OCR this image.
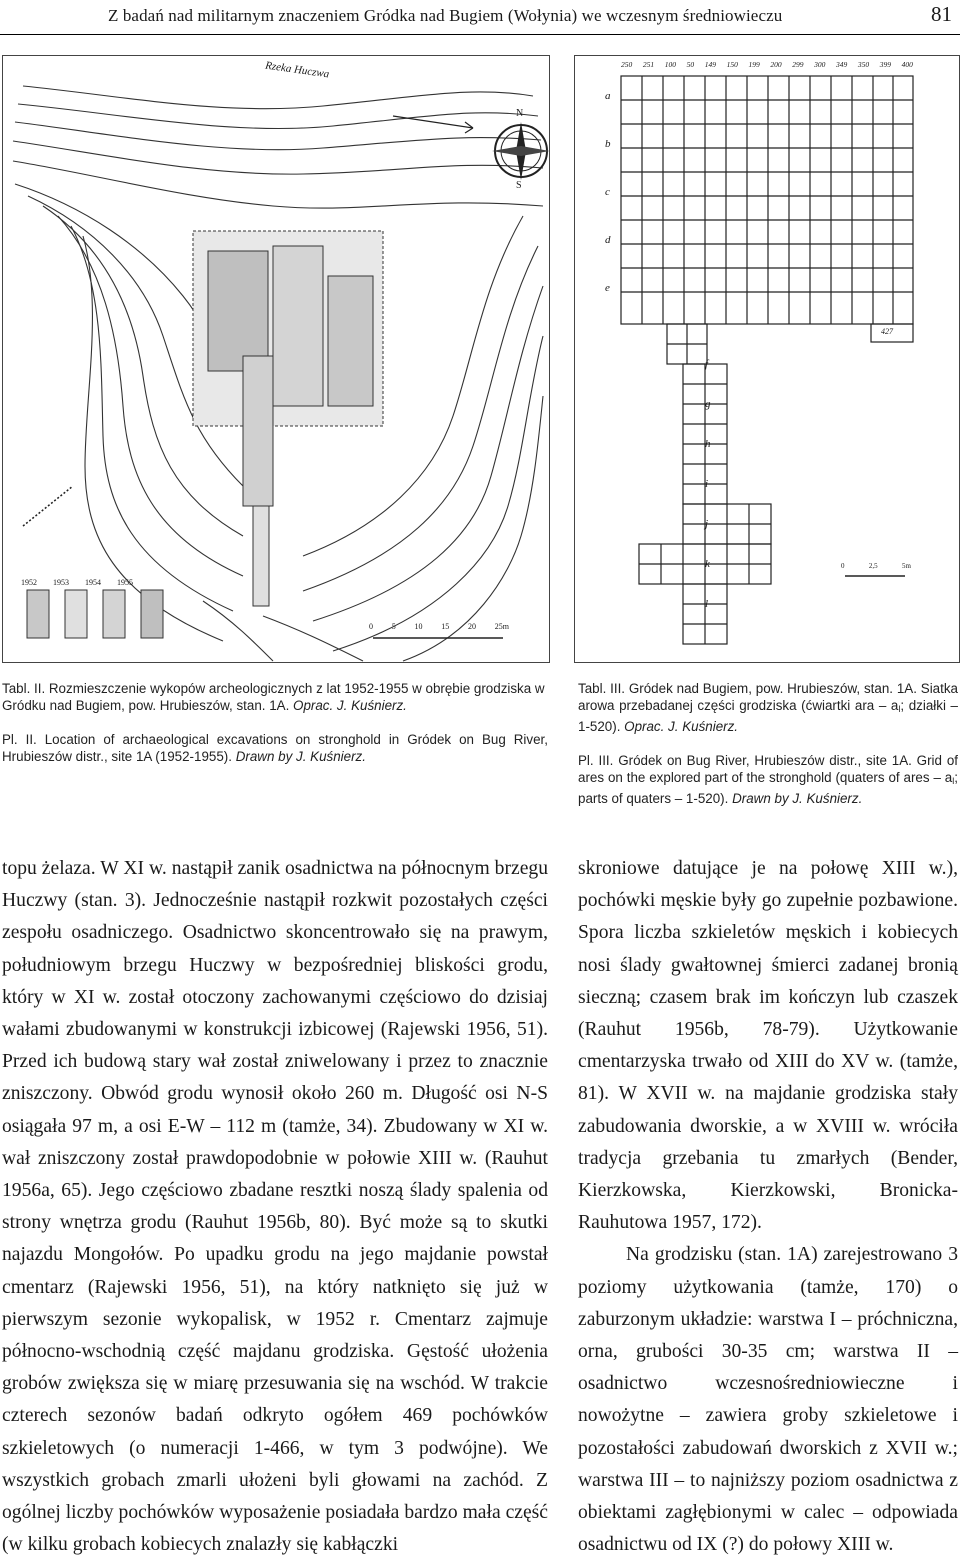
Z badań nad militarnym znaczeniem Gródka nad Bugiem (Wołynia) we wczesnym średniowieczu	81
Rzeka Huczwa
N
S
1952 1953 1954 1955
0 5 10 15 20 25m
250 251 100 50 149 150 199 200 299 300 349 350 399 400
a
b
c
d
e
f
g
h
i
j
k
l
427
0	2,5	5m

Tabl. II. Rozmieszczenie wykopów archeologicznych z lat 1952-1955 w obrębie grodziska w Gródku nad Bugiem, pow. Hrubieszów, stan. 1A. Oprac. J. Kuśnierz.

Pl. II. Location of archaeological excavations on stronghold in Gródek on Bug River, Hrubieszów distr., site 1A (1952-1955). Drawn by J. Kuśnierz.

Tabl. III. Gródek nad Bugiem, pow. Hrubieszów, stan. 1A. Siatka arowa przebadanej części grodziska (ćwiartki ara – $a_l$; działki – 1-520). Oprac. J. Kuśnierz.

Pl. III. Gródek on Bug River, Hrubieszów distr., site 1A. Grid of ares on the explored part of the stronghold (quaters of ares – $a_l$; parts of quaters – 1-520). Drawn by J. Kuśnierz.

topu żelaza. W XI w. nastąpił zanik osadnictwa na północnym brzegu Huczwy (stan. 3). Jednocześnie nastąpił rozkwit pozostałych części zespołu osadniczego. Osadnictwo skoncentrowało się na prawym, południowym brzegu Huczwy w bezpośredniej bliskości grodu, który w XI w. został otoczony zachowanymi częściowo do dzisiaj wałami zbudowanymi w konstrukcji izbicowej (Rajewski 1956, 51). Przed ich budową stary wał został zniwelowany i przez to znacznie zniszczony. Obwód grodu wynosił około 260 m. Długość osi N-S osiągała 97 m, a osi E-W – 112 m (tamże, 34). Zbudowany w XI w. wał zniszczony został prawdopodobnie w połowie XIII w. (Rauhut 1956a, 65). Jego częściowo zbadane resztki noszą ślady spalenia od strony wnętrza grodu (Rauhut 1956b, 80). Być może są to skutki najazdu Mongołów. Po upadku grodu na jego majdanie powstał cmentarz (Rajewski 1956, 51), na który natknięto się już w pierwszym sezonie wykopalisk, w 1952 r. Cmentarz zajmuje północno-wschodnią część majdanu grodziska. Gęstość ułożenia grobów zwiększa się w miarę przesuwania się na wschód. W trakcie czterech sezonów badań odkryto ogółem 469 pochówków szkieletowych (o numeracji 1-466, w tym 3 podwójne). We wszystkich grobach zmarli ułożeni byli głowami na zachód. Z ogólnej liczby pochówków wyposażenie posiadała bardzo mała część (w kilku grobach kobiecych znalazły się kabłączki

skroniowe datujące je na połowę XIII w.), pochówki męskie były go zupełnie pozbawione. Spora liczba szkieletów męskich i kobiecych nosi ślady gwałtownej śmierci zadanej bronią sieczną; czasem brak im kończyn lub czaszek (Rauhut 1956b, 78-79). Użytkowanie cmentarzyska trwało od XIII do XV w. (tamże, 81). W XVII w. na majdanie grodziska stały zabudowania dworskie, a w XVIII w. wróciła tradycja grzebania tu zmarłych (Bender, Kierzkowska, Kierzkowski, Bronicka-Rauhutowa 1957, 172).

Na grodzisku (stan. 1A) zarejestrowano 3 poziomy użytkowania (tamże, 170) o zaburzonym układzie: warstwa I – próchniczna, orna, grubości 30-35 cm; warstwa II – osadnictwo wczesnośredniowieczne i nowożytne – zawiera groby szkieletowe i pozostałości zabudowań dworskich z XVII w.; warstwa III – to najniższy poziom osadnictwa z obiektami zagłębionymi w calec – odpowiada osadnictwu od IX (?) do połowy XIII w.
